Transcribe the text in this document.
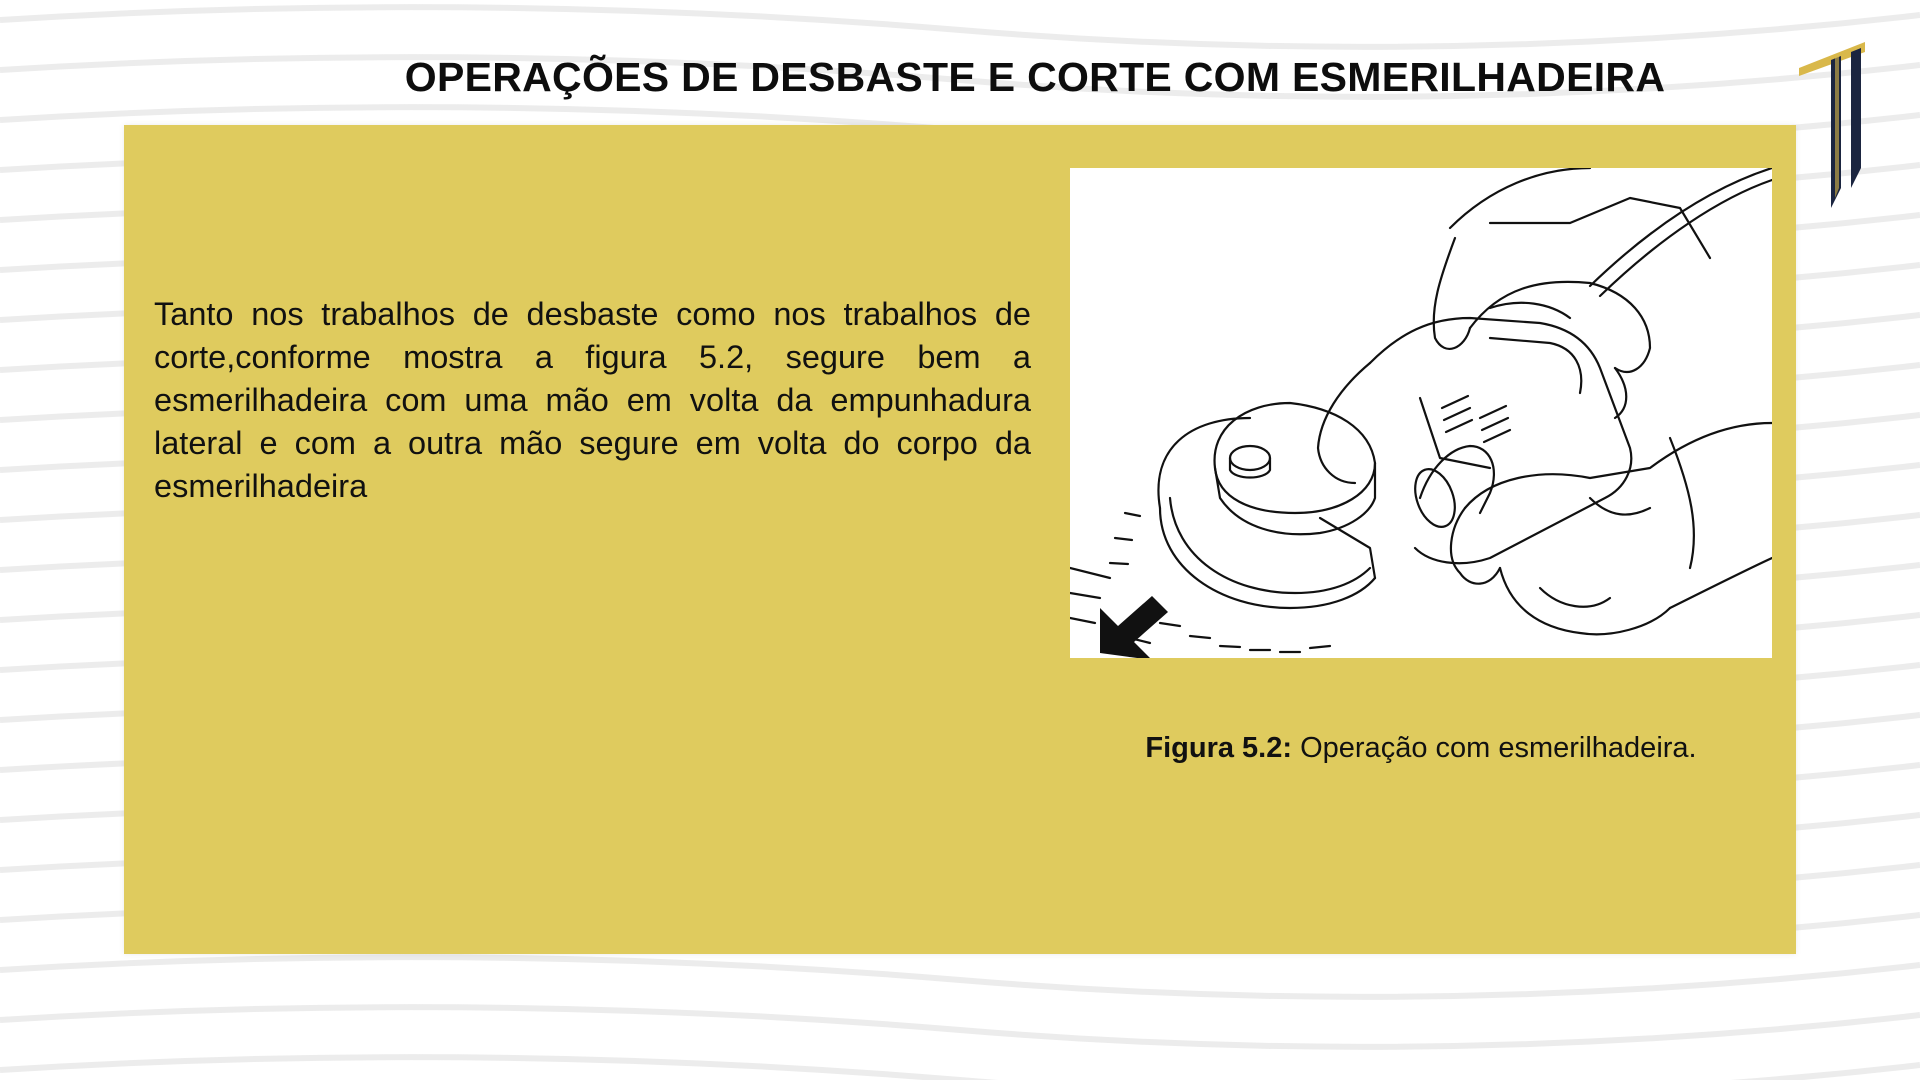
OPERAÇÕES DE DESBASTE E CORTE COM ESMERILHADEIRA

Tanto nos trabalhos de desbaste como nos trabalhos de corte,conforme mostra a figura 5.2, segure bem a esmerilhadeira com uma mão em volta da empunhadura lateral e com a outra mão segure em volta do corpo da esmerilhadeira

Figura 5.2: Operação com esmerilhadeira.
